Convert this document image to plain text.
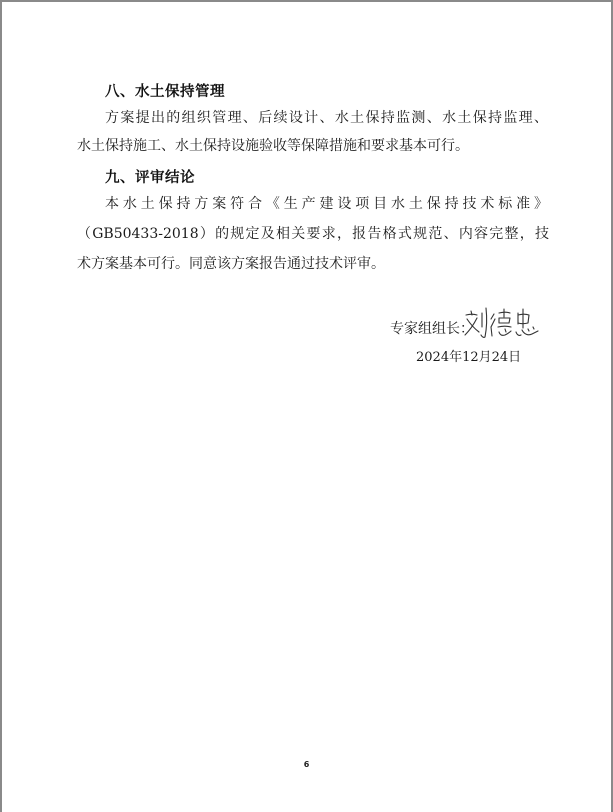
八、水土保持管理
方案提出的组织管理、后续设计、水土保持监测、水土保持监理、
水土保持施工、水土保持设施验收等保障措施和要求基本可行。
九、评审结论
本水土保持方案符合《生产建设项目水土保持技术标准》
（GB50433-2018）的规定及相关要求，报告格式规范、内容完整，技
术方案基本可行。同意该方案报告通过技术评审。
专家组组长：
2024年12月24日
6
